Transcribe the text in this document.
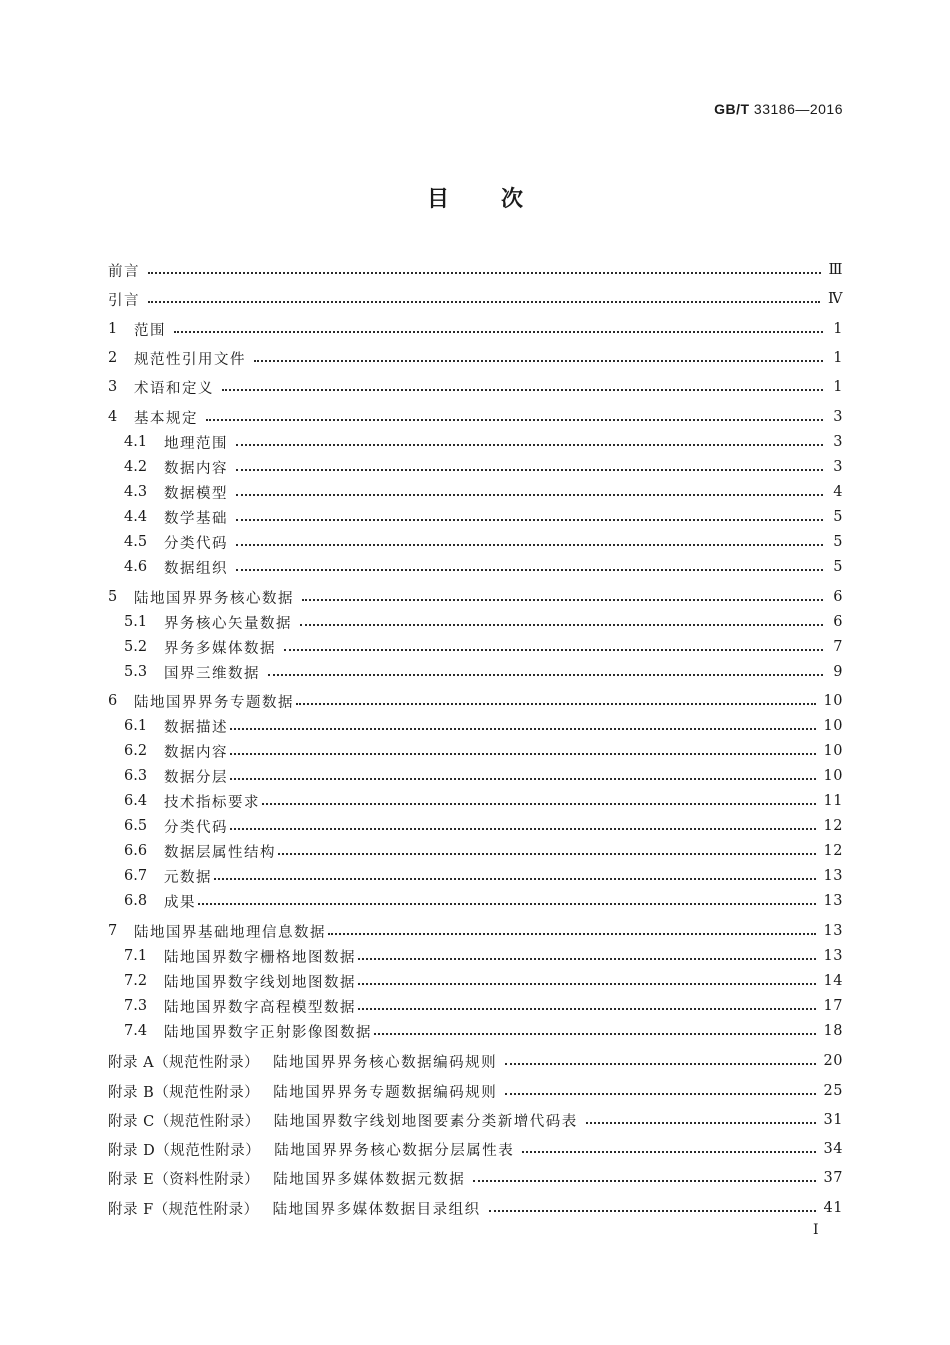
GB/T 33186—2016
目次
前言	Ⅲ
引言	Ⅳ
1	范围	1
2	规范性引用文件	1
3	术语和定义	1
4	基本规定	3
4.1	地理范围	3
4.2	数据内容	3
4.3	数据模型	4
4.4	数学基础	5
4.5	分类代码	5
4.6	数据组织	5
5	陆地国界界务核心数据	6
5.1	界务核心矢量数据	6
5.2	界务多媒体数据	7
5.3	国界三维数据	9
6	陆地国界界务专题数据	10
6.1	数据描述	10
6.2	数据内容	10
6.3	数据分层	10
6.4	技术指标要求	11
6.5	分类代码	12
6.6	数据层属性结构	12
6.7	元数据	13
6.8	成果	13
7	陆地国界基础地理信息数据	13
7.1	陆地国界数字栅格地图数据	13
7.2	陆地国界数字线划地图数据	14
7.3	陆地国界数字高程模型数据	17
7.4	陆地国界数字正射影像图数据	18
附录 A（规范性附录） 陆地国界界务核心数据编码规则	20
附录 B（规范性附录） 陆地国界界务专题数据编码规则	25
附录 C（规范性附录） 陆地国界数字线划地图要素分类新增代码表	31
附录 D（规范性附录） 陆地国界界务核心数据分层属性表	34
附录 E（资料性附录） 陆地国界多媒体数据元数据	37
附录 F（规范性附录） 陆地国界多媒体数据目录组织	41
Ⅰ
